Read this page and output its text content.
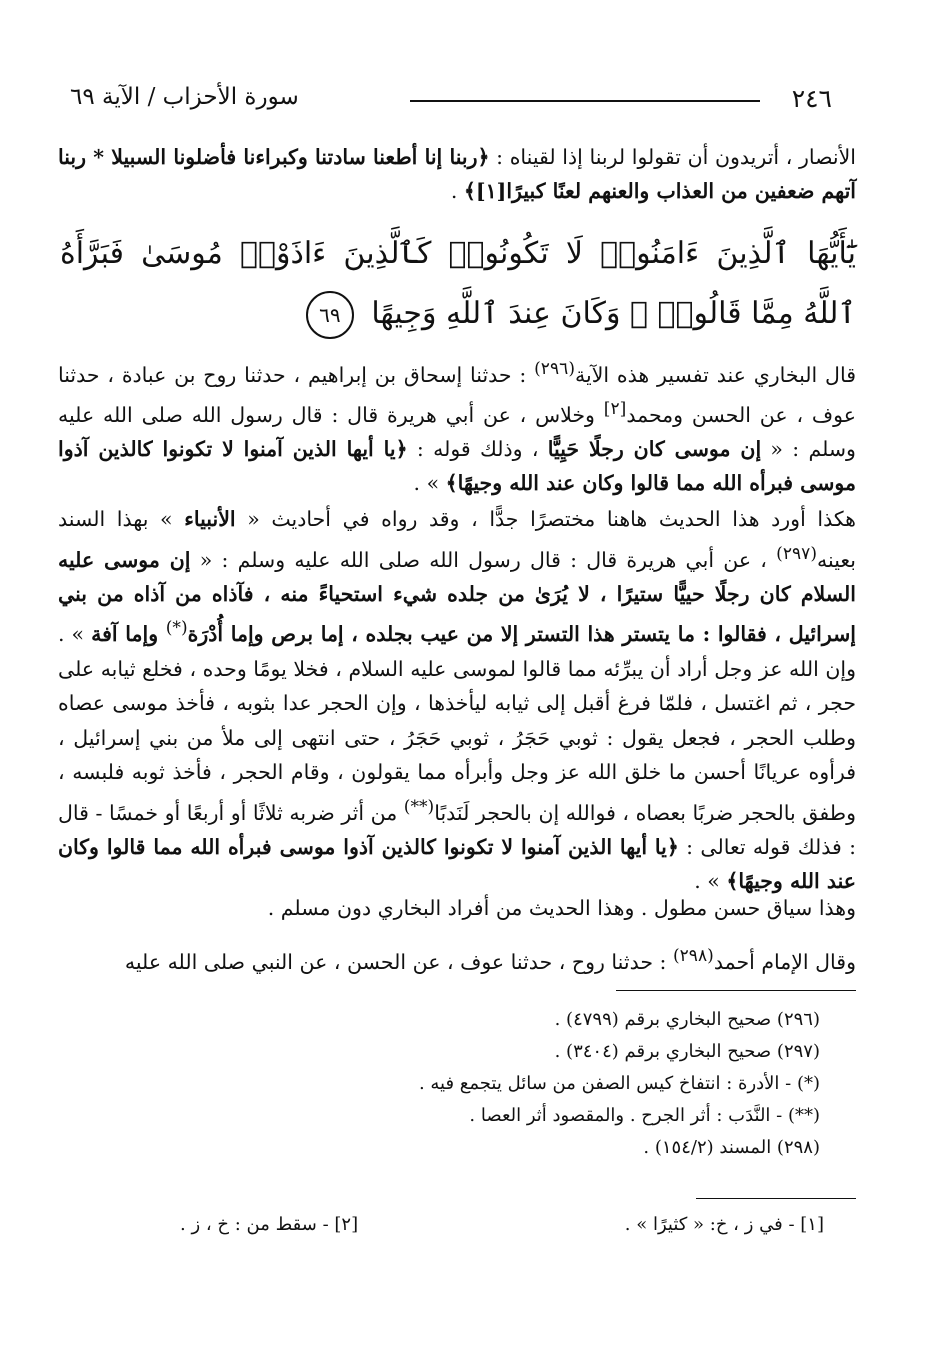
٢٤٦
سورة الأحزاب / الآية ٦٩

الأنصار ، أتريدون أن تقولوا لربنا إذا لقيناه : ﴿ربنا إنا أطعنا سادتنا وكبراءنا فأضلونا السبيلا * ربنا آتهم ضعفين من العذاب والعنهم لعنًا كبيرًا[١]﴾ .

يَٰٓأَيُّهَا ٱلَّذِينَ ءَامَنُوا۟ لَا تَكُونُوا۟ كَٱلَّذِينَ ءَاذَوْا۟ مُوسَىٰ فَبَرَّأَهُ ٱللَّهُ مِمَّا قَالُوا۟ ۚ وَكَانَ عِندَ ٱللَّهِ وَجِيهًا ٦٩

قال البخاري عند تفسير هذه الآية$^{(٢٩٦)}$ : حدثنا إسحاق بن إبراهيم ، حدثنا روح بن عبادة ، حدثنا عوف ، عن الحسن ومحمد[٢] وخلاس ، عن أبي هريرة قال : قال رسول الله صلى الله عليه وسلم : « إن موسى كان رجلًا حَيِيًّا ، وذلك قوله : ﴿يا أيها الذين آمنوا لا تكونوا كالذين آذوا موسى فبرأه الله مما قالوا وكان عند الله وجيهًا﴾ » .

هكذا أورد هذا الحديث هاهنا مختصرًا جدًّا ، وقد رواه في أحاديث « الأنبياء » بهذا السند بعينه$^{(٢٩٧)}$ ، عن أبي هريرة قال : قال رسول الله صلى الله عليه وسلم : « إن موسى عليه السلام كان رجلًا حييًّا ستيرًا ، لا يُرَىٰ من جلده شيء استحياءً منه ، فآذاه من آذاه من بني إسرائيل ، فقالوا : ما يتستر هذا التستر إلا من عيب بجلده ، إما برص وإما أُدْرَة(*) وإما آفة » . وإن الله عز وجل أراد أن يبرِّئه مما قالوا لموسى عليه السلام ، فخلا يومًا وحده ، فخلع ثيابه على حجر ، ثم اغتسل ، فلمّا فرغ أقبل إلى ثيابه ليأخذها ، وإن الحجر عدا بثوبه ، فأخذ موسى عصاه وطلب الحجر ، فجعل يقول : ثوبي حَجَرُ ، ثوبي حَجَرُ ، حتى انتهى إلى ملأ من بني إسرائيل ، فرأوه عريانًا أحسن ما خلق الله عز وجل وأبرأه مما يقولون ، وقام الحجر ، فأخذ ثوبه فلبسه ، وطفق بالحجر ضربًا بعصاه ، فوالله إن بالحجر لَنَدبًا(**) من أثر ضربه ثلاثًا أو أربعًا أو خمسًا - قال : فذلك قوله تعالى : ﴿يا أيها الذين آمنوا لا تكونوا كالذين آذوا موسى فبرأه الله مما قالوا وكان عند الله وجيهًا﴾ » .

وهذا سياق حسن مطول . وهذا الحديث من أفراد البخاري دون مسلم .

وقال الإمام أحمد$^{(٢٩٨)}$ : حدثنا روح ، حدثنا عوف ، عن الحسن ، عن النبي صلى الله عليه

(٢٩٦) صحيح البخاري برقم (٤٧٩٩) .
(٢٩٧) صحيح البخاري برقم (٣٤٠٤) .
(*) - الأدرة : انتفاخ كيس الصفن من سائل يتجمع فيه .
(**) - النَّدَب : أثر الجرح . والمقصود أثر العصا .
(٢٩٨) المسند (١٥٤/٢) .
[١] - في ز ، خ: « كثيرًا » .
[٢] - سقط من : خ ، ز .
